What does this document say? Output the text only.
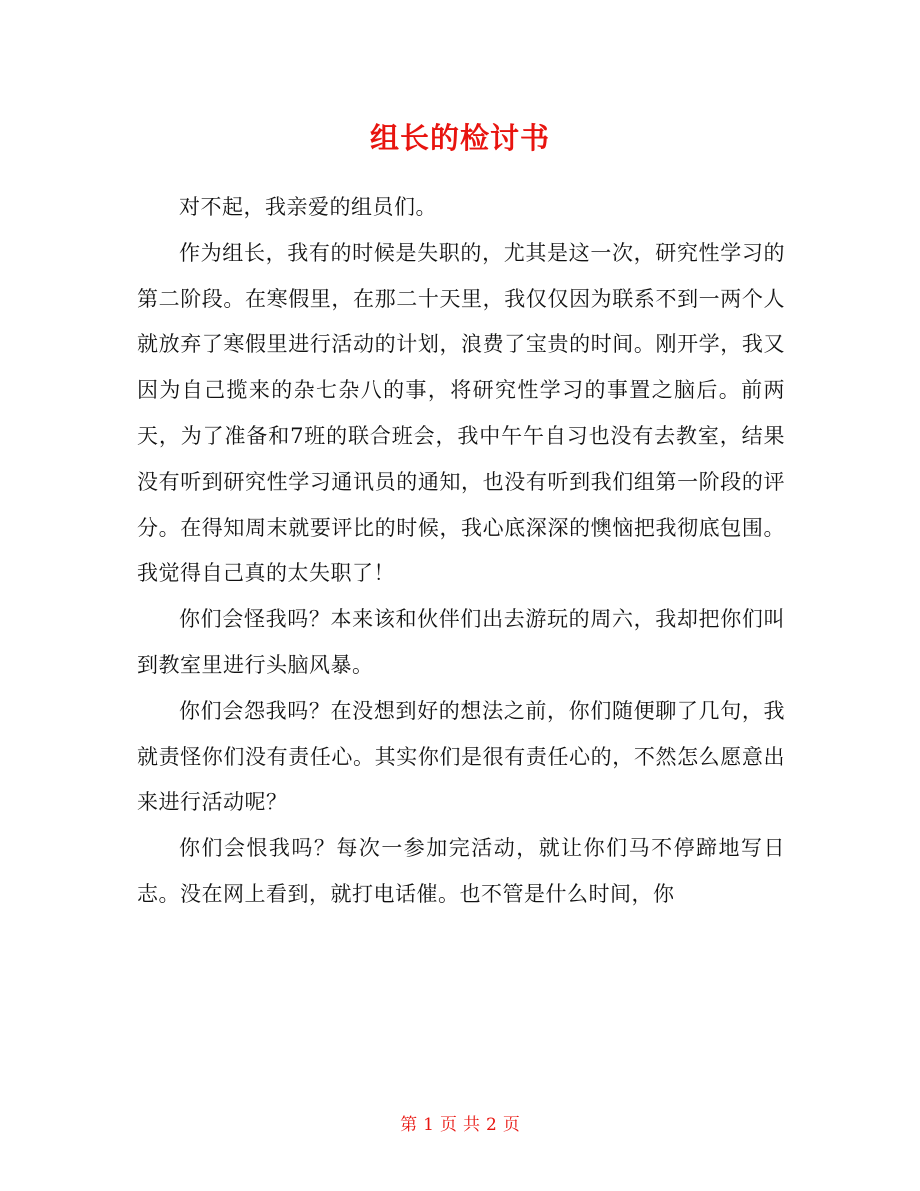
组长的检讨书

对不起，我亲爱的组员们。

作为组长，我有的时候是失职的，尤其是这一次，研究性学习的第二阶段。在寒假里，在那二十天里，我仅仅因为联系不到一两个人就放弃了寒假里进行活动的计划，浪费了宝贵的时间。刚开学，我又因为自己揽来的杂七杂八的事，将研究性学习的事置之脑后。前两天，为了准备和7班的联合班会，我中午午自习也没有去教室，结果没有听到研究性学习通讯员的通知，也没有听到我们组第一阶段的评分。在得知周末就要评比的时候，我心底深深的懊恼把我彻底包围。我觉得自己真的太失职了！

你们会怪我吗？本来该和伙伴们出去游玩的周六，我却把你们叫到教室里进行头脑风暴。

你们会怨我吗？在没想到好的想法之前，你们随便聊了几句，我就责怪你们没有责任心。其实你们是很有责任心的，不然怎么愿意出来进行活动呢？

你们会恨我吗？每次一参加完活动，就让你们马不停蹄地写日志。没在网上看到，就打电话催。也不管是什么时间，你

第 1 页 共 2 页
